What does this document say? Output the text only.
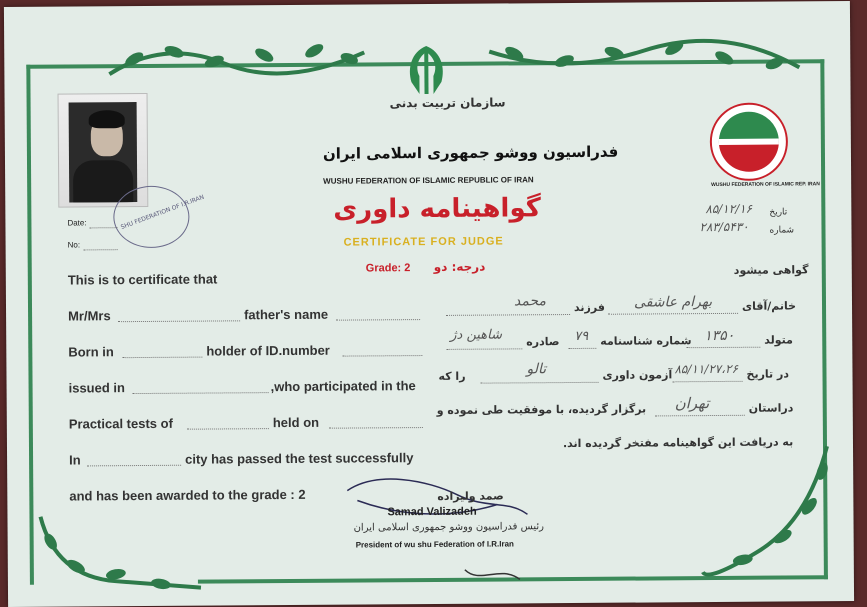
سازمان تربیت بدنی
فدراسیون ووشو جمهوری اسلامی ایران
WUSHU FEDERATION OF ISLAMIC REPUBLIC OF IRAN
گواهینامه داوری
CERTIFICATE FOR JUDGE
درجه: دو
Grade: 2
SHU FEDERATION OF I.R.IRAN
Date:
No:
WUSHU FEDERATION OF ISLAMIC REP. IRAN
تاریخ
۸۵/۱۲/۱۶
شماره
۲۸۳/۵۴۳۰
This is to certificate that
Mr/Mrs	father's name
Born in	holder of ID.number
issued in	,who participated in the
Practical tests of	held on
In	city has passed the test successfully
and has been awarded to the grade : 2
گواهی میشود
خانم/آقای
بهرام عاشقی
فرزند
محمد
متولد
۱۳۵۰
شماره شناسنامه
۷۹
صادره
شاهین دژ
در تاریخ
۸۵/۱۱/۲۷،۲۶
آزمون داوری
تالو
را که
دراستان
تهران
برگزار گردیده، با موفقیت طی نموده و
به دریافت این گواهینامه مفتخر گردیده اند.
صمد ولیزاده
Samad Valizadeh
رئیس فدراسیون ووشو جمهوری اسلامی ایران
President of wu shu Federation of I.R.Iran
